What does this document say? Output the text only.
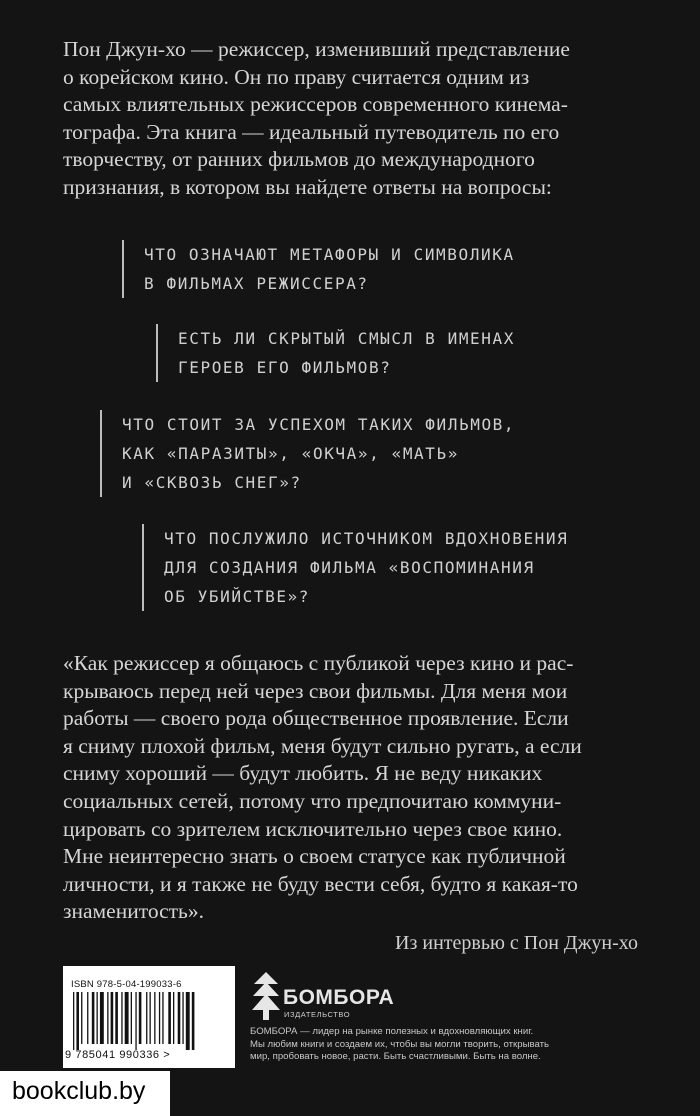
Пон Джун-хо — режиссер, изменивший представление
о корейском кино. Он по праву считается одним из
самых влиятельных режиссеров современного кинема-
тографа. Эта книга — идеальный путеводитель по его
творчеству, от ранних фильмов до международного
признания, в котором вы найдете ответы на вопросы:

ЧТО ОЗНАЧАЮТ МЕТАФОРЫ И СИМВОЛИКА
В ФИЛЬМАХ РЕЖИССЕРА?
ЕСТЬ ЛИ СКРЫТЫЙ СМЫСЛ В ИМЕНАХ
ГЕРОЕВ ЕГО ФИЛЬМОВ?
ЧТО СТОИТ ЗА УСПЕХОМ ТАКИХ ФИЛЬМОВ,
КАК «ПАРАЗИТЫ», «ОКЧА», «МАТЬ»
И «СКВОЗЬ СНЕГ»?
ЧТО ПОСЛУЖИЛО ИСТОЧНИКОМ ВДОХНОВЕНИЯ
ДЛЯ СОЗДАНИЯ ФИЛЬМА «ВОСПОМИНАНИЯ
ОБ УБИЙСТВЕ»?

«Как режиссер я общаюсь с публикой через кино и рас-
крываюсь перед ней через свои фильмы. Для меня мои
работы — своего рода общественное проявление. Если
я сниму плохой фильм, меня будут сильно ругать, а если
сниму хороший — будут любить. Я не веду никаких
социальных сетей, потому что предпочитаю коммуни-
цировать со зрителем исключительно через свое кино.
Мне неинтересно знать о своем статусе как публичной
личности, и я также не буду вести себя, будто я какая-то
знаменитость».

Из интервью с Пон Джун-хо
ISBN 978-5-04-199033-6
9 785041 990336 >
БОМБОРА
ИЗДАТЕЛЬСТВО

БОМБОРА — лидер на рынке полезных и вдохновляющих книг.
Мы любим книги и создаем их, чтобы вы могли творить, открывать
мир, пробовать новое, расти. Быть счастливыми. Быть на волне.

bookclub.by
